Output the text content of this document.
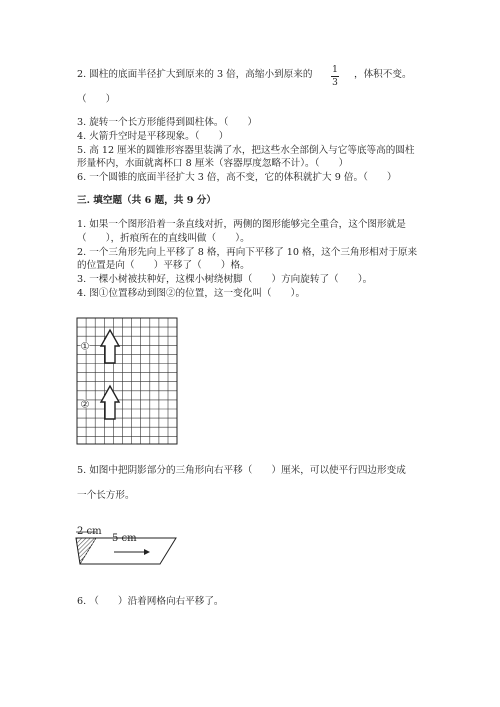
2. 圆柱的底面半径扩大到原来的 3 倍，高缩小到原来的 1
3
，体积不变。
（　　）
3. 旋转一个长方形能得到圆柱体。（　　）
4. 火箭升空时是平移现象。（　　）
5. 高 12 厘米的圆锥形容器里装满了水，把这些水全部倒入与它等底等高的圆柱
形量杯内，水面就离杯口 8 厘米（容器厚度忽略不计）。（　　）
6. 一个圆锥的底面半径扩大 3 倍，高不变，它的体积就扩大 9 倍。（　　）
三. 填空题（共 6 题，共 9 分）
1. 如果一个图形沿着一条直线对折，两侧的图形能够完全重合，这个图形就是
（　　），折痕所在的直线叫做（　　）。
2. 一个三角形先向上平移了 8 格，再向下平移了 10 格，这个三角形相对于原来
的位置是向（　　）平移了（　　）格。
3. 一棵小树被扶种好，这棵小树绕树脚（　　）方向旋转了（　　）。
4. 图①位置移动到图②的位置，这一变化叫（　　）。
①
②
5. 如图中把阴影部分的三角形向右平移（　　）厘米，可以使平行四边形变成
一个长方形。
2 cm
5 cm
6. （　　）沿着网格向右平移了。
